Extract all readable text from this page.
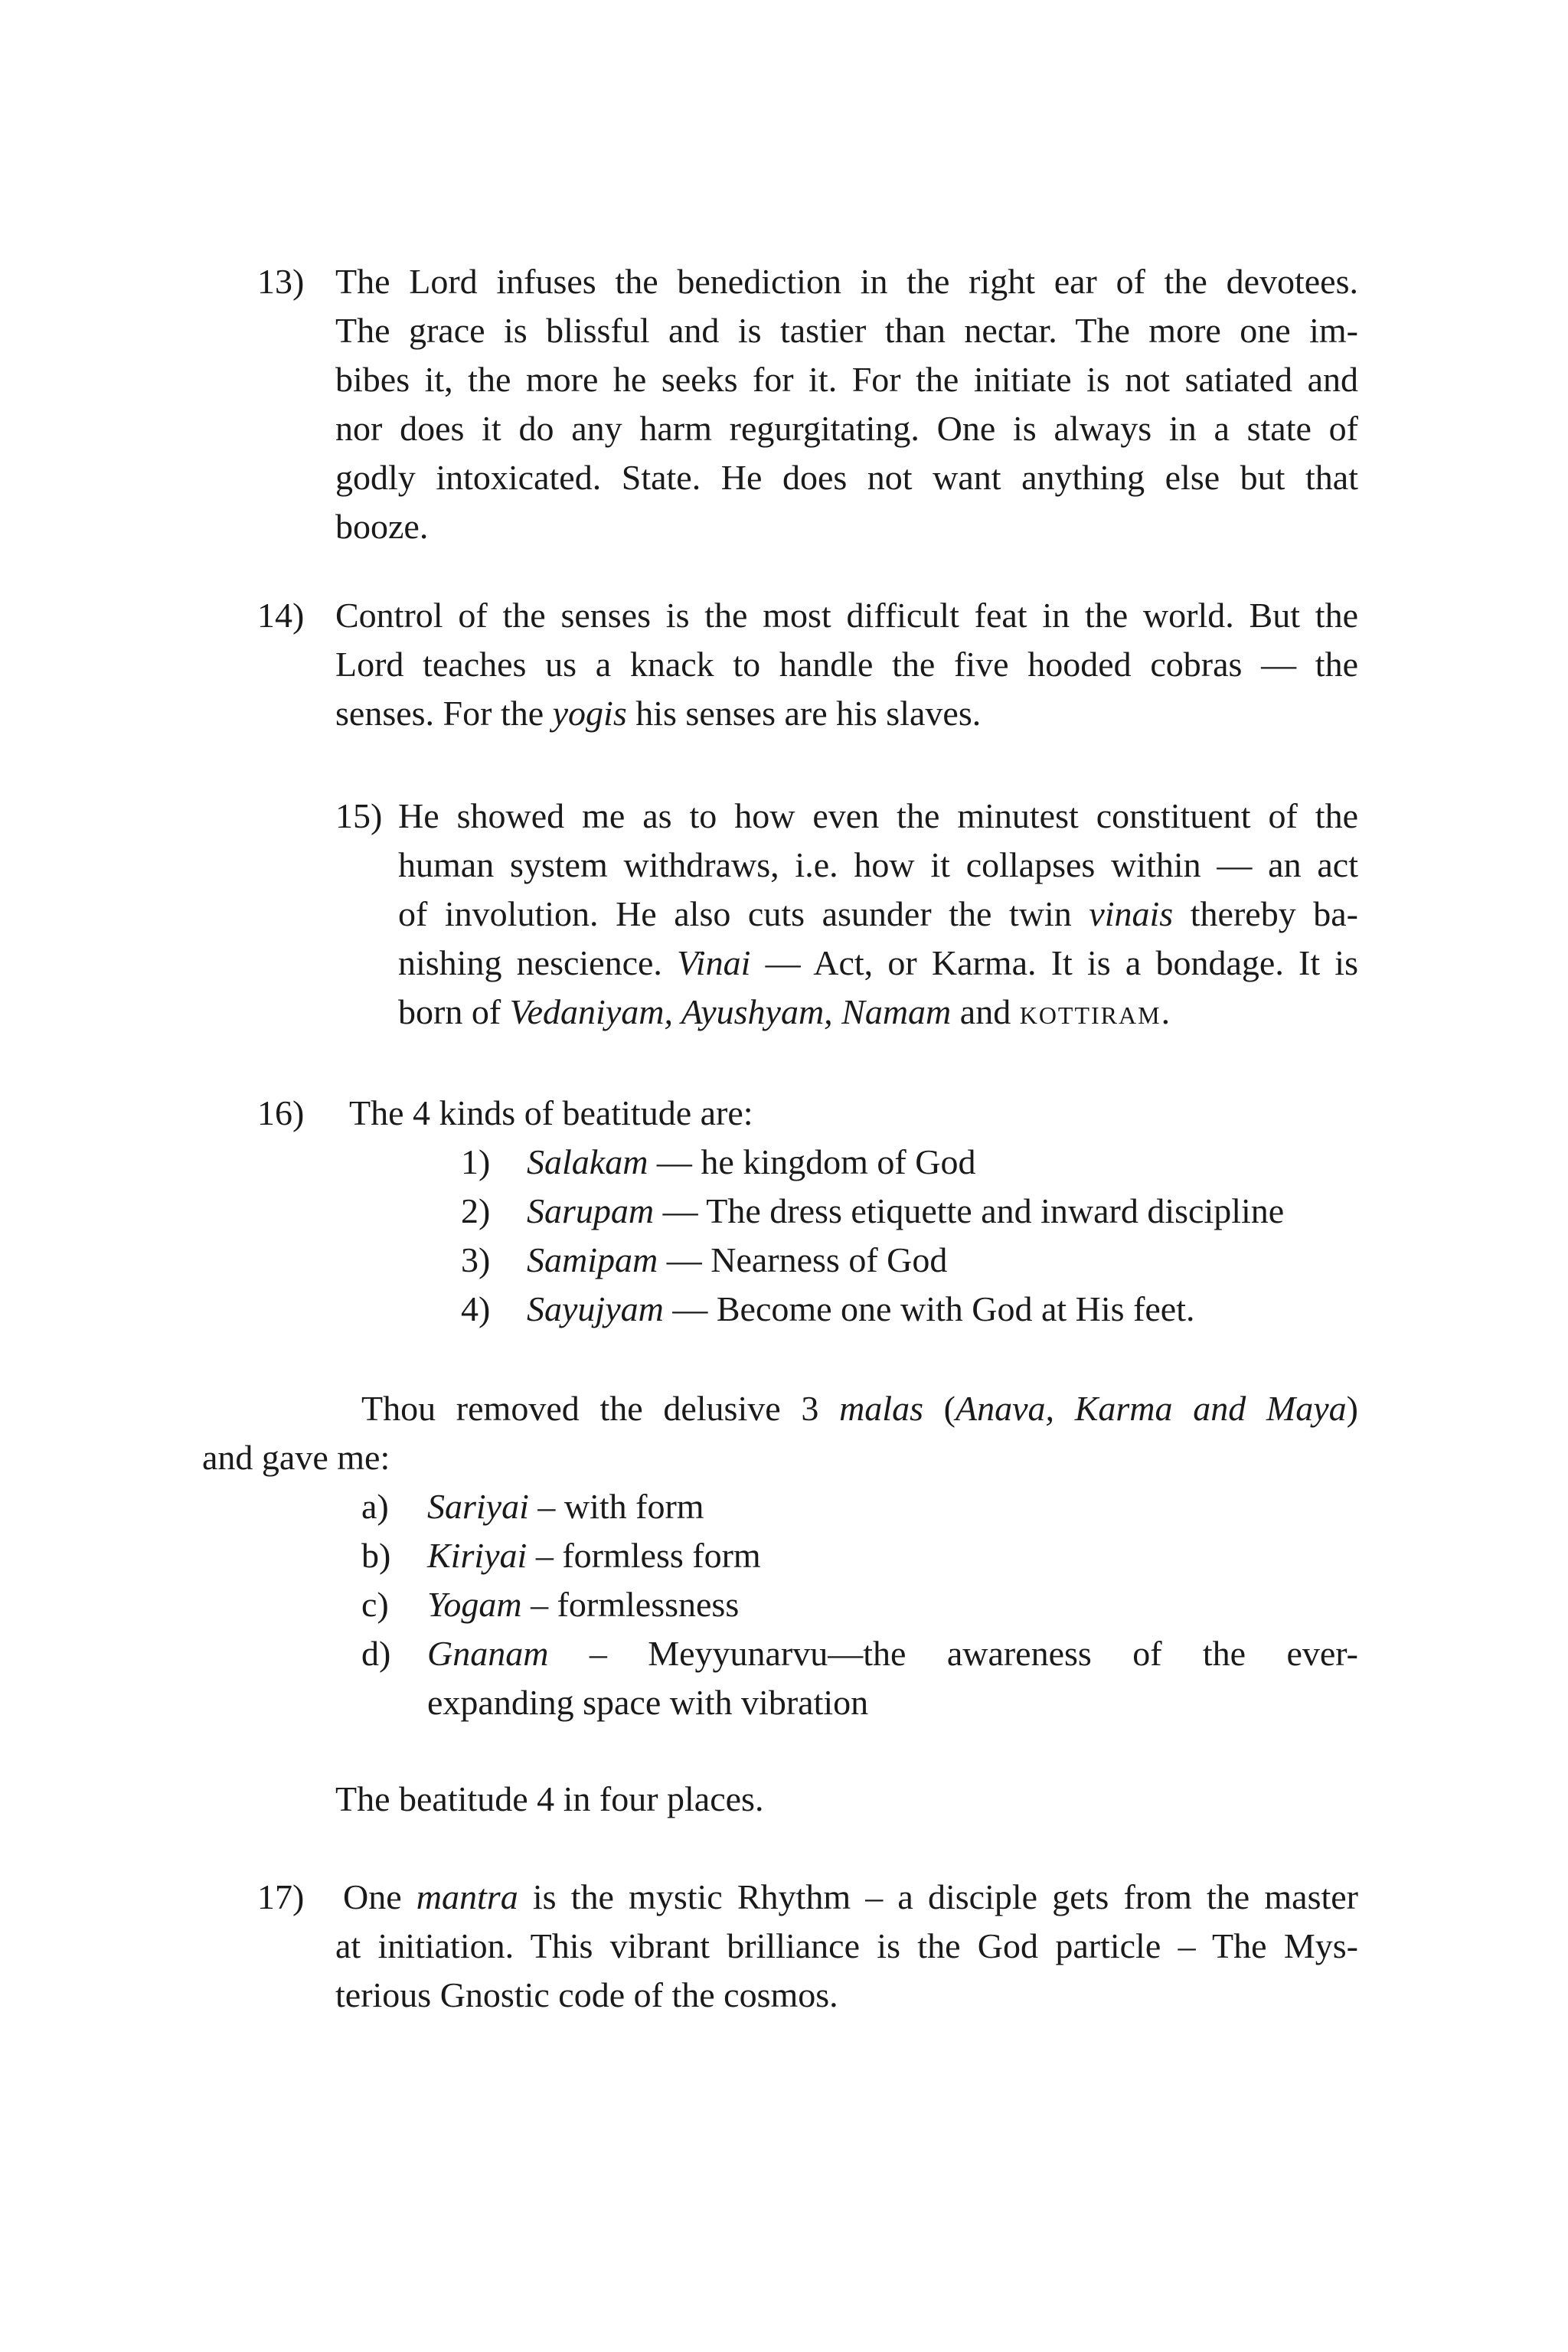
13) The Lord infuses the benediction in the right ear of the devotees.
The grace is blissful and is tastier than nectar. The more one im-
bibes it, the more he seeks for it. For the initiate is not satiated and
nor does it do any harm regurgitating. One is always in a state of
godly intoxicated. State. He does not want anything else but that
booze.
14) Control of the senses is the most difficult feat in the world. But the
Lord teaches us a knack to handle the five hooded cobras — the
senses. For the yogis his senses are his slaves.
15) He showed me as to how even the minutest constituent of the
human system withdraws, i.e. how it collapses within — an act
of involution. He also cuts asunder the twin vinais thereby ba-
nishing nescience. Vinai — Act, or Karma. It is a bondage. It is
born of Vedaniyam, Ayushyam, Namam and kottiram.
16) The 4 kinds of beatitude are:
1) Salakam — he kingdom of God
2) Sarupam — The dress etiquette and inward discipline
3) Samipam — Nearness of God
4) Sayujyam — Become one with God at His feet.
Thou removed the delusive 3 malas (Anava, Karma and Maya)
and gave me:
a) Sariyai – with form
b) Kiriyai – formless form
c) Yogam – formlessness
d) Gnanam – Meyyunarvu—the awareness of the ever-
expanding space with vibration
The beatitude 4 in four places.
17) One mantra is the mystic Rhythm – a disciple gets from the master
at initiation. This vibrant brilliance is the God particle – The Mys-
terious Gnostic code of the cosmos.
